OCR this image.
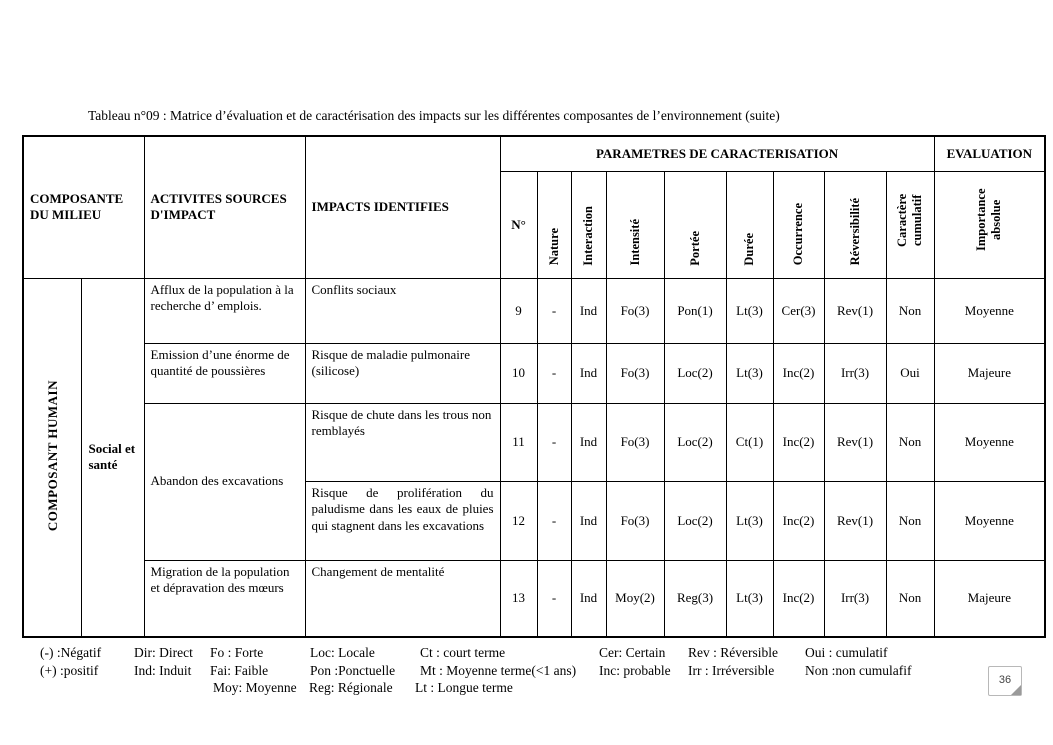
Tableau n°09 : Matrice d’évaluation et de caractérisation des impacts sur les différentes composantes de l’environnement (suite)
COMPOSANTE DU MILIEU		ACTIVITES SOURCES D'IMPACT	IMPACTS IDENTIFIES	PARAMETRES DE CARACTERISATION									EVALUATION
				N°	Nature	Interaction	Intensité	Portée	Durée	Occurrence	Réversibilité	Caractère cumulatif	Importance absolue
COMPOSANT HUMAIN	Social et santé	Afflux de la population à la recherche d’ emplois.	Conflits sociaux	9	-	Ind	Fo(3)	Pon(1)	Lt(3)	Cer(3)	Rev(1)	Non	Moyenne
		Emission d’une énorme de quantité de poussières	Risque de maladie pulmonaire (silicose)	10	-	Ind	Fo(3)	Loc(2)	Lt(3)	Inc(2)	Irr(3)	Oui	Majeure
		Abandon des excavations	Risque de chute dans les trous non remblayés	11	-	Ind	Fo(3)	Loc(2)	Ct(1)	Inc(2)	Rev(1)	Non	Moyenne
			Risque de prolifération du paludisme dans les eaux de pluies qui stagnent dans les excavations	12	-	Ind	Fo(3)	Loc(2)	Lt(3)	Inc(2)	Rev(1)	Non	Moyenne
		Migration de la population et dépravation des mœurs	Changement de mentalité	13	-	Ind	Moy(2)	Reg(3)	Lt(3)	Inc(2)	Irr(3)	Non	Majeure
(-) :Négatif Dir: Direct Fo : Forte	Loc: Locale	Ct : court terme	Cer: Certain Rev : Réversible Oui : cumulatif
(+) :positif	Ind: Induit Fai: Faible	Pon :Ponctuelle Mt : Moyenne terme(<1 ans) Inc: probable Irr : Irréversible Non :non cumulafif
Moy: Moyenne Reg: Régionale Lt : Longue terme	36
